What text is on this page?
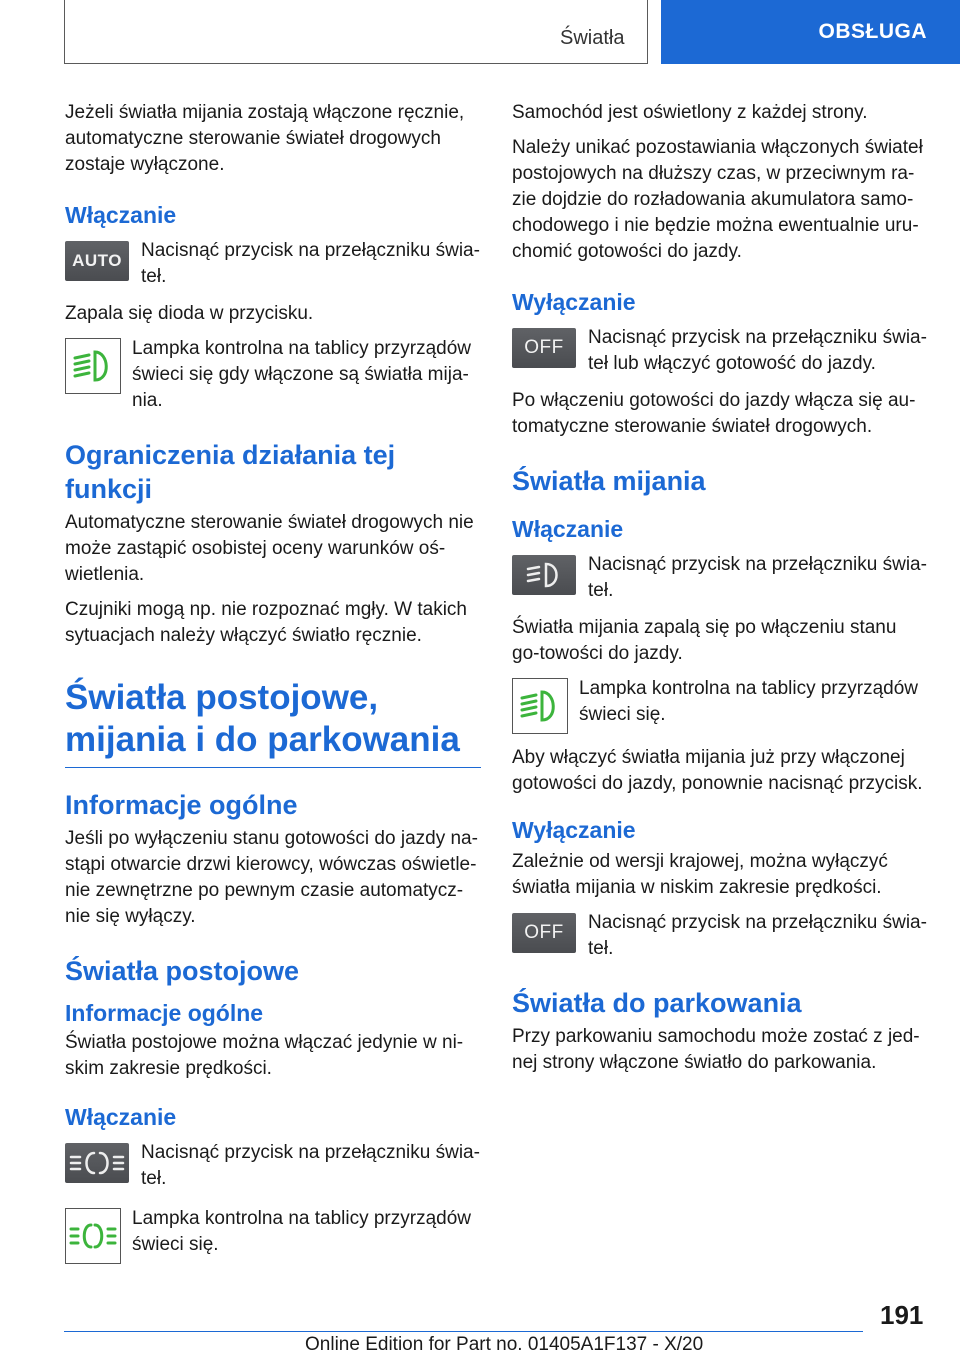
Światła	OBSŁUGA

Jeżeli światła mijania zostają włączone ręcznie, automatyczne sterowanie świateł drogowych zostaje wyłączone.

Włączanie
AUTO	Nacisnąć przycisk na przełączniku świa-teł.

Zapala się dioda w przycisku.

Lampka kontrolna na tablicy przyrządów świeci się gdy włączone są światła mija-nia.
Ograniczenia działania tej funkcji

Automatyczne sterowanie świateł drogowych nie może zastąpić osobistej oceny warunków oś-wietlenia.

Czujniki mogą np. nie rozpoznać mgły. W takich sytuacjach należy włączyć światło ręcznie.

Światła postojowe, mijania i do parkowania
Informacje ogólne

Jeśli po wyłączeniu stanu gotowości do jazdy na-stąpi otwarcie drzwi kierowcy, wówczas oświetle-nie zewnętrzne po pewnym czasie automatycz-nie się wyłączy.

Światła postojowe
Informacje ogólne

Światła postojowe można włączać jedynie w ni-skim zakresie prędkości.

Włączanie
Nacisnąć przycisk na przełączniku świa-teł.
Lampka kontrolna na tablicy przyrządów świeci się.

Samochód jest oświetlony z każdej strony.

Należy unikać pozostawiania włączonych świateł postojowych na dłuższy czas, w przeciwnym ra-zie dojdzie do rozładowania akumulatora samo-chodowego i nie będzie można ewentualnie uru-chomić gotowości do jazdy.

Wyłączanie
OFF	Nacisnąć przycisk na przełączniku świa-teł lub włączyć gotowość do jazdy.

Po włączeniu gotowości do jazdy włącza się au-tomatyczne sterowanie świateł drogowych.

Światła mijania
Włączanie
Nacisnąć przycisk na przełączniku świa-teł.

Światła mijania zapalą się po włączeniu stanu go-towości do jazdy.

Lampka kontrolna na tablicy przyrządów świeci się.

Aby włączyć światła mijania już przy włączonej gotowości do jazdy, ponownie nacisnąć przycisk.

Wyłączanie

Zależnie od wersji krajowej, można wyłączyć światła mijania w niskim zakresie prędkości.

OFF	Nacisnąć przycisk na przełączniku świa-teł.
Światła do parkowania

Przy parkowaniu samochodu może zostać z jed-nej strony włączone światło do parkowania.

191
Online Edition for Part no. 01405A1F137 - X/20
